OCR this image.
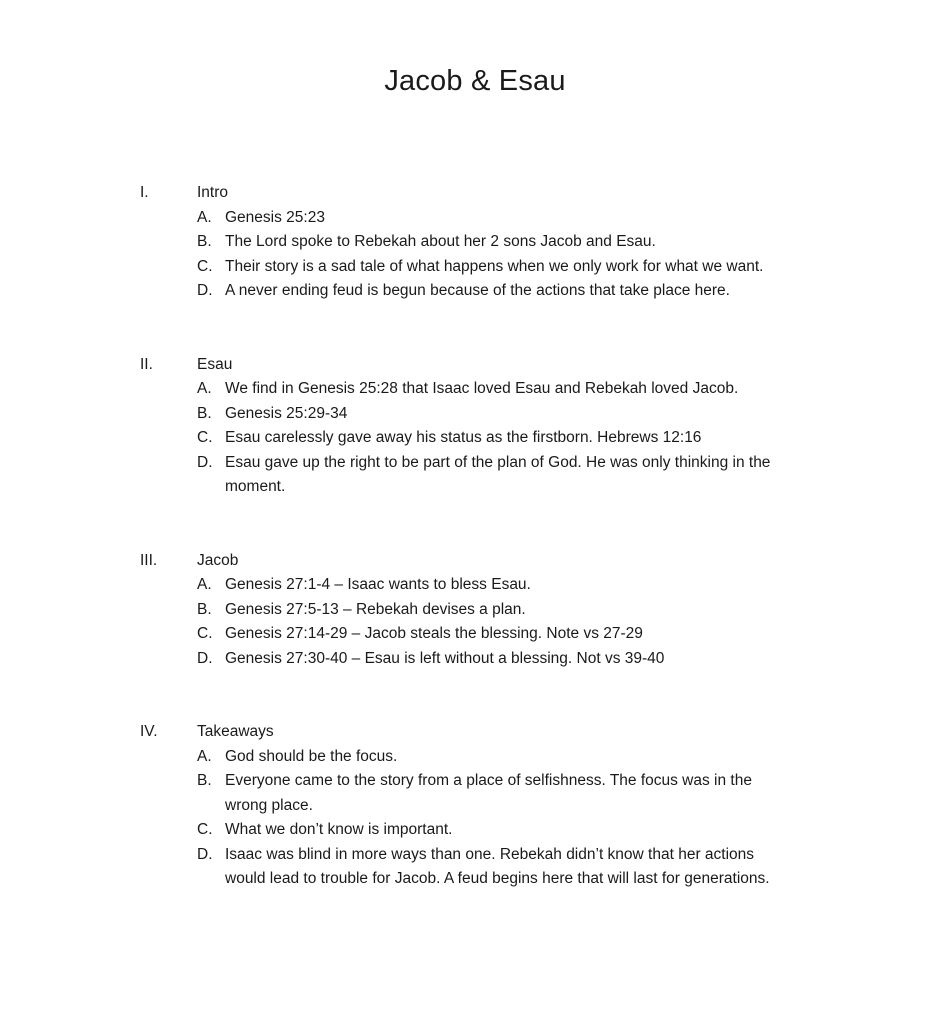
Jacob & Esau
I.	Intro
A. Genesis 25:23
B. The Lord spoke to Rebekah about her 2 sons Jacob and Esau.
C. Their story is a sad tale of what happens when we only work for what we want.
D. A never ending feud is begun because of the actions that take place here.
II.	Esau
A. We find in Genesis 25:28 that Isaac loved Esau and Rebekah loved Jacob.
B. Genesis 25:29-34
C. Esau carelessly gave away his status as the firstborn. Hebrews 12:16
D. Esau gave up the right to be part of the plan of God. He was only thinking in the moment.
III.	Jacob
A. Genesis 27:1-4 – Isaac wants to bless Esau.
B. Genesis 27:5-13 – Rebekah devises a plan.
C. Genesis 27:14-29 – Jacob steals the blessing. Note vs 27-29
D. Genesis 27:30-40 – Esau is left without a blessing. Not vs 39-40
IV.	Takeaways
A. God should be the focus.
B. Everyone came to the story from a place of selfishness. The focus was in the wrong place.
C. What we don’t know is important.
D. Isaac was blind in more ways than one. Rebekah didn’t know that her actions would lead to trouble for Jacob. A feud begins here that will last for generations.
